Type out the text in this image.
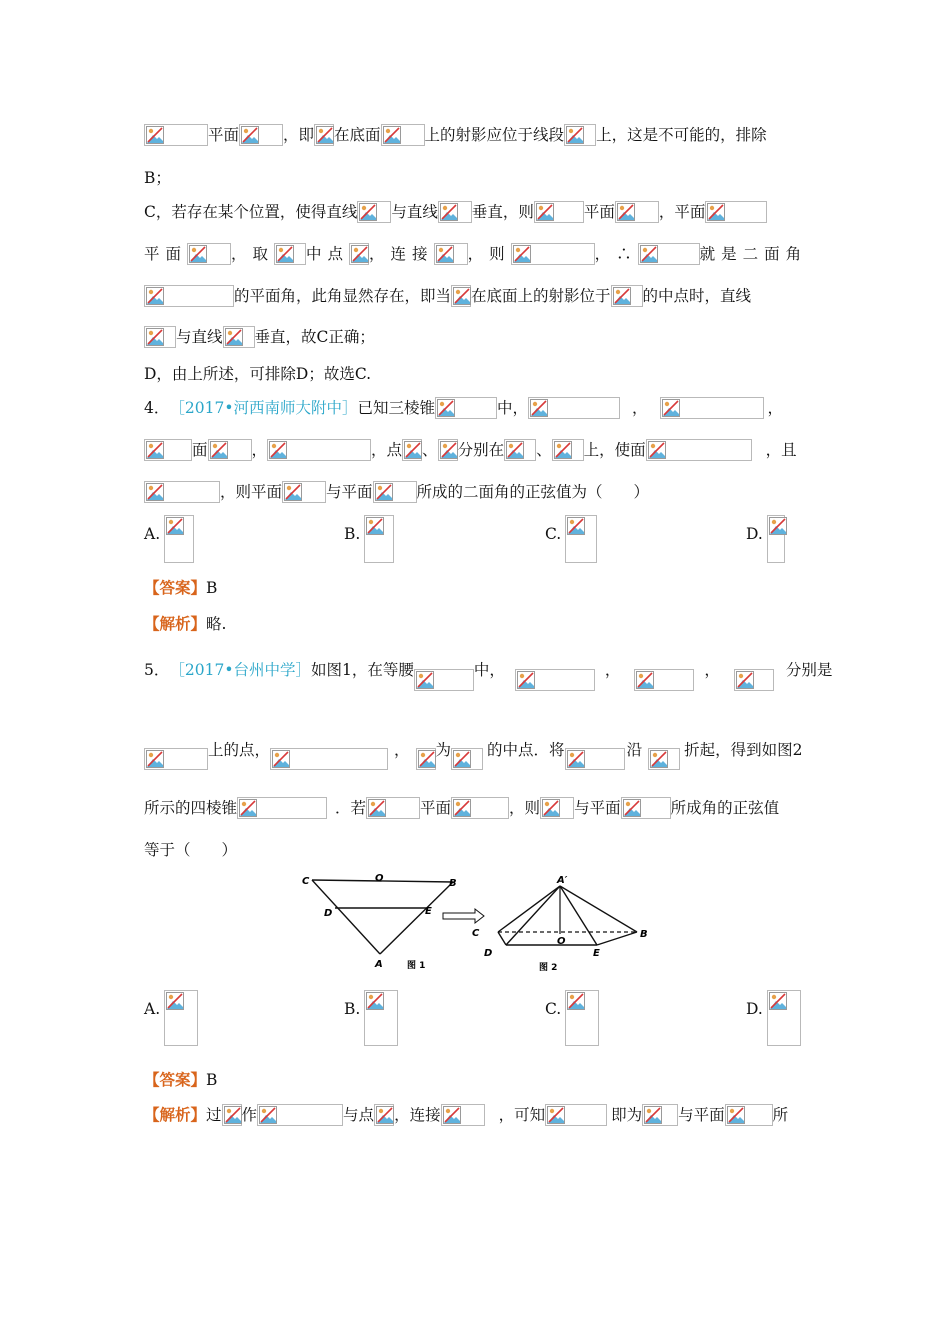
平面	，即 在底面	上的射影应位于线段 上，这是不可能的，排除
B；
C，若存在某个位置，使得直线 与直线 垂直，则	平面	，平面
平面	，取 中点 ，连接 ，则	，∴	就是二面角
的平面角，此角显然存在，即当 在底面上的射影位于 的中点时，直线
与直线 垂直，故C正确；
D，由上所述，可排除D；故选C.
4． ［2017•河西南师大附中］ 已知三棱锥	中，	，	，
面	，	，点 、 分别在 、 上，使面	，且
，则平面	与平面	所成的二面角的正弦值为（　　）
A.	B.	C.	D.
【答案】 B
【解析】 略.
5． ［2017•台州中学］ 如图1，在等腰	中，	，	，	分别是
上的点，	， 为 的中点．将	沿	折起，得到如图2
所示的四棱锥	．若	平面	，则 与平面	所成角的正弦值
等于（　　）
C	O	B
D	E
A	图 1
A′
C
O
B
D	E
图 2
A.	B.	C.	D.
【答案】 B
【解析】 过 作	与点 ，连接	，可知	即为 与平面	所
